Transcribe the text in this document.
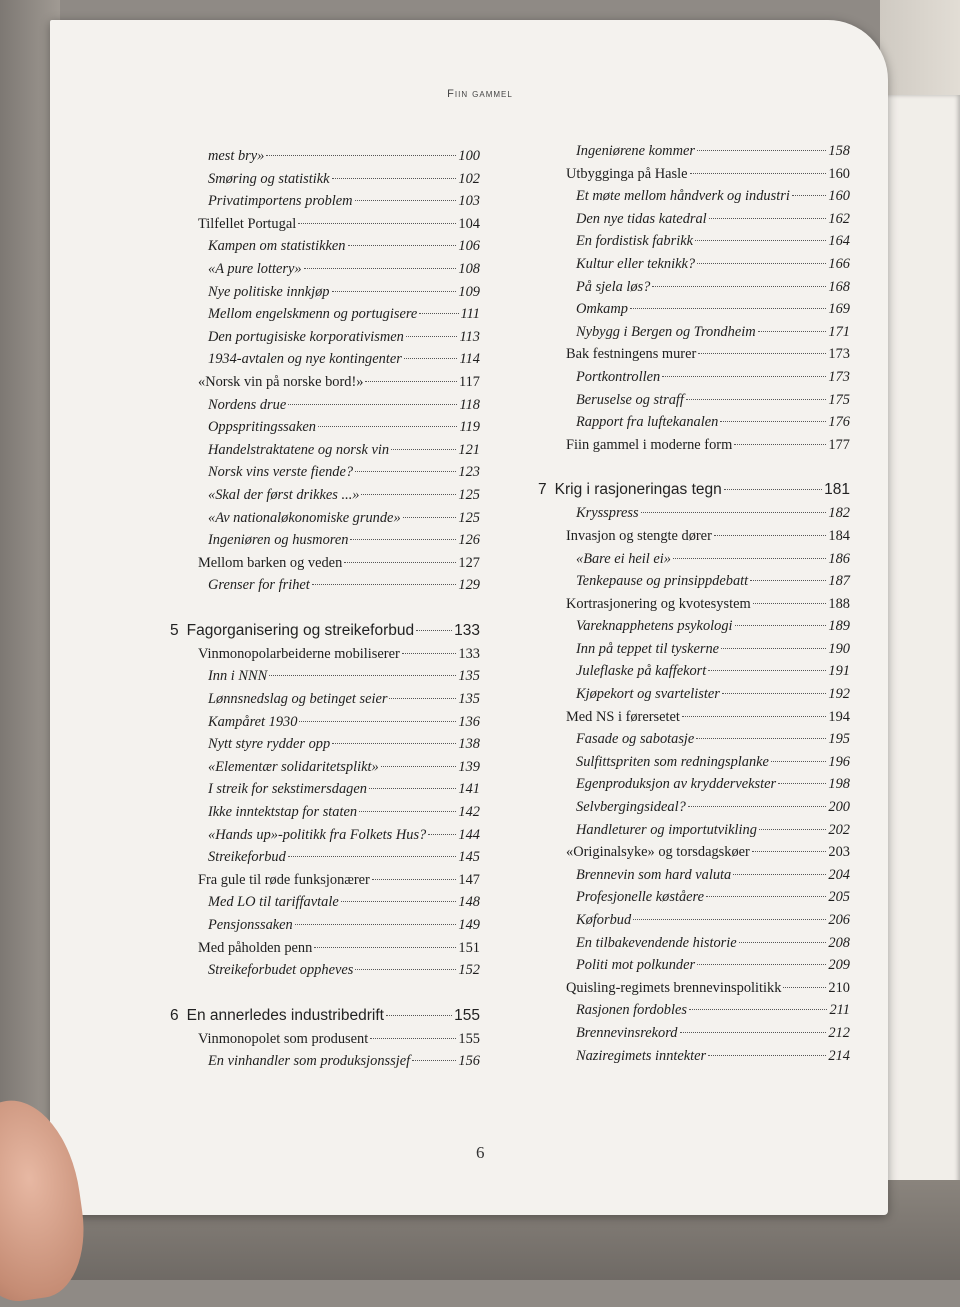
Fiin gammel
mest bry»	100
Smøring og statistikk	102
Privatimportens problem	103
Tilfellet Portugal	104
Kampen om statistikken	106
«A pure lottery»	108
Nye politiske innkjøp	109
Mellom engelskmenn og portugisere	111
Den portugisiske korporativismen	113
1934-avtalen og nye kontingenter	114
«Norsk vin på norske bord!»	117
Nordens drue	118
Oppspritingssaken	119
Handelstraktatene og norsk vin	121
Norsk vins verste fiende?	123
«Skal der først drikkes ...»	125
«Av nationaløkonomiske grunde»	125
Ingeniøren og husmoren	126
Mellom barken og veden	127
Grenser for frihet	129
5 Fagorganisering og streikeforbud	133
Vinmonopolarbeiderne mobiliserer	133
Inn i NNN	135
Lønnsnedslag og betinget seier	135
Kampåret 1930	136
Nytt styre rydder opp	138
«Elementær solidaritetsplikt»	139
I streik for sekstimersdagen	141
Ikke inntektstap for staten	142
«Hands up»-politikk fra Folkets Hus? 144
Streikeforbud	145
Fra gule til røde funksjonærer	147
Med LO til tariffavtale	148
Pensjonssaken	149
Med påholden penn	151
Streikeforbudet oppheves	152
6 En annerledes industribedrift	155
Vinmonopolet som produsent	155
En vinhandler som produksjonssjef	156
Ingeniørene kommer	158
Utbygginga på Hasle	160
Et møte mellom håndverk og industri	160
Den nye tidas katedral	162
En fordistisk fabrikk	164
Kultur eller teknikk?	166
På sjela løs?	168
Omkamp	169
Nybygg i Bergen og Trondheim	171
Bak festningens murer	173
Portkontrollen	173
Beruselse og straff	175
Rapport fra luftekanalen	176
Fiin gammel i moderne form	177
7 Krig i rasjoneringas tegn	181
Krysspress	182
Invasjon og stengte dører	184
«Bare ei heil ei»	186
Tenkepause og prinsippdebatt	187
Kortrasjonering og kvotesystem	188
Vareknapphetens psykologi	189
Inn på teppet til tyskerne	190
Juleflaske på kaffekort	191
Kjøpekort og svartelister	192
Med NS i førersetet	194
Fasade og sabotasje	195
Sulfittspriten som redningsplanke	196
Egenproduksjon av kryddervekster	198
Selvbergingsideal?	200
Handleturer og importutvikling	202
«Originalsyke» og torsdagskøer	203
Brennevin som hard valuta	204
Profesjonelle køståere	205
Køforbud	206
En tilbakevendende historie	208
Politi mot polkunder	209
Quisling-regimets brennevinspolitikk	210
Rasjonen fordobles	211
Brennevinsrekord	212
Naziregimets inntekter	214
6
